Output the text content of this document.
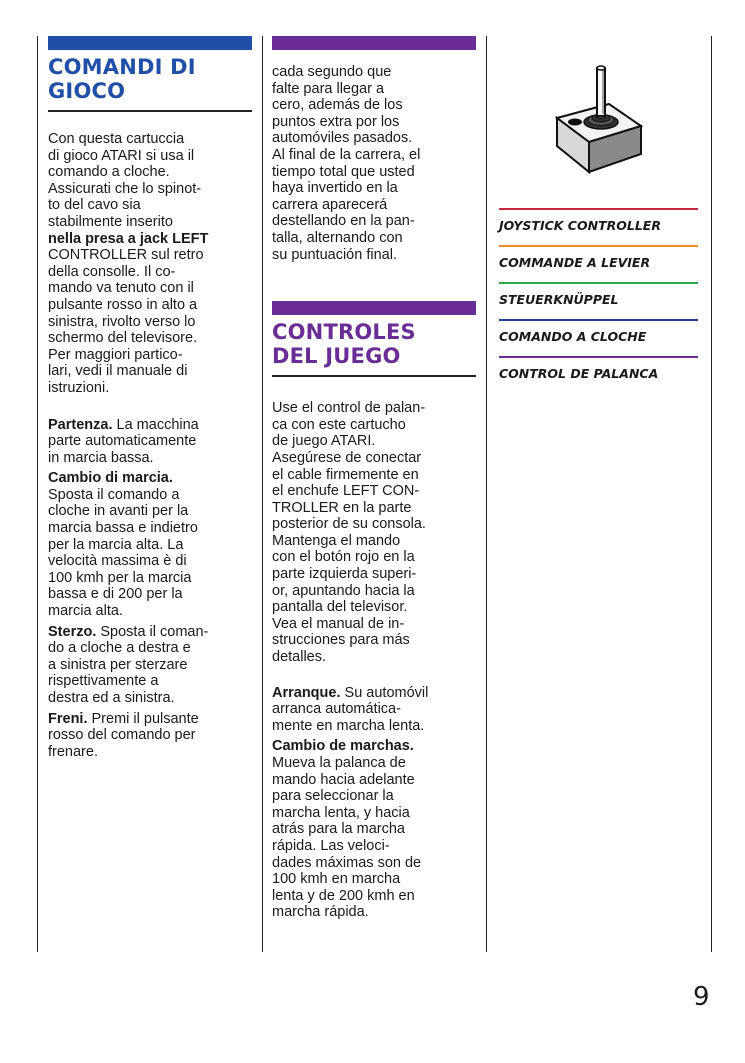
COMANDI DI
GIOCO

Con questa cartuccia
di gioco ATARI si usa il
comando a cloche.
Assicurati che lo spinot-
to del cavo sia
stabilmente inserito
nella presa a jack LEFT
CONTROLLER sul retro
della consolle. Il co-
mando va tenuto con il
pulsante rosso in alto a
sinistra, rivolto verso lo
schermo del televisore.
Per maggiori partico-
lari, vedi il manuale di
istruzioni.

Partenza. La macchina
parte automaticamente
in marcia bassa.

Cambio di marcia.
Sposta il comando a
cloche in avanti per la
marcia bassa e indietro
per la marcia alta. La
velocità massima è di
100 kmh per la marcia
bassa e di 200 per la
marcia alta.

Sterzo. Sposta il coman-
do a cloche a destra e
a sinistra per sterzare
rispettivamente a
destra ed a sinistra.

Freni. Premi il pulsante
rosso del comando per
frenare.

cada segundo que
falte para llegar a
cero, además de los
puntos extra por los
automóviles pasados.
Al final de la carrera, el
tiempo total que usted
haya invertido en la
carrera aparecerá
destellando en la pan-
talla, alternando con
su puntuación final.

CONTROLES
DEL JUEGO

Use el control de palan-
ca con este cartucho
de juego ATARI.
Asegúrese de conectar
el cable firmemente en
el enchufe LEFT CON-
TROLLER en la parte
posterior de su consola.
Mantenga el mando
con el botón rojo en la
parte izquierda superi-
or, apuntando hacia la
pantalla del televisor.
Vea el manual de in-
strucciones para más
detalles.

Arranque. Su automóvil
arranca automática-
mente en marcha lenta.

Cambio de marchas.
Mueva la palanca de
mando hacia adelante
para seleccionar la
marcha lenta, y hacia
atrás para la marcha
rápida. Las veloci-
dades máximas son de
100 kmh en marcha
lenta y de 200 kmh en
marcha rápida.

JOYSTICK CONTROLLER
COMMANDE A LEVIER
STEUERKNÜPPEL
COMANDO A CLOCHE
CONTROL DE PALANCA
9
